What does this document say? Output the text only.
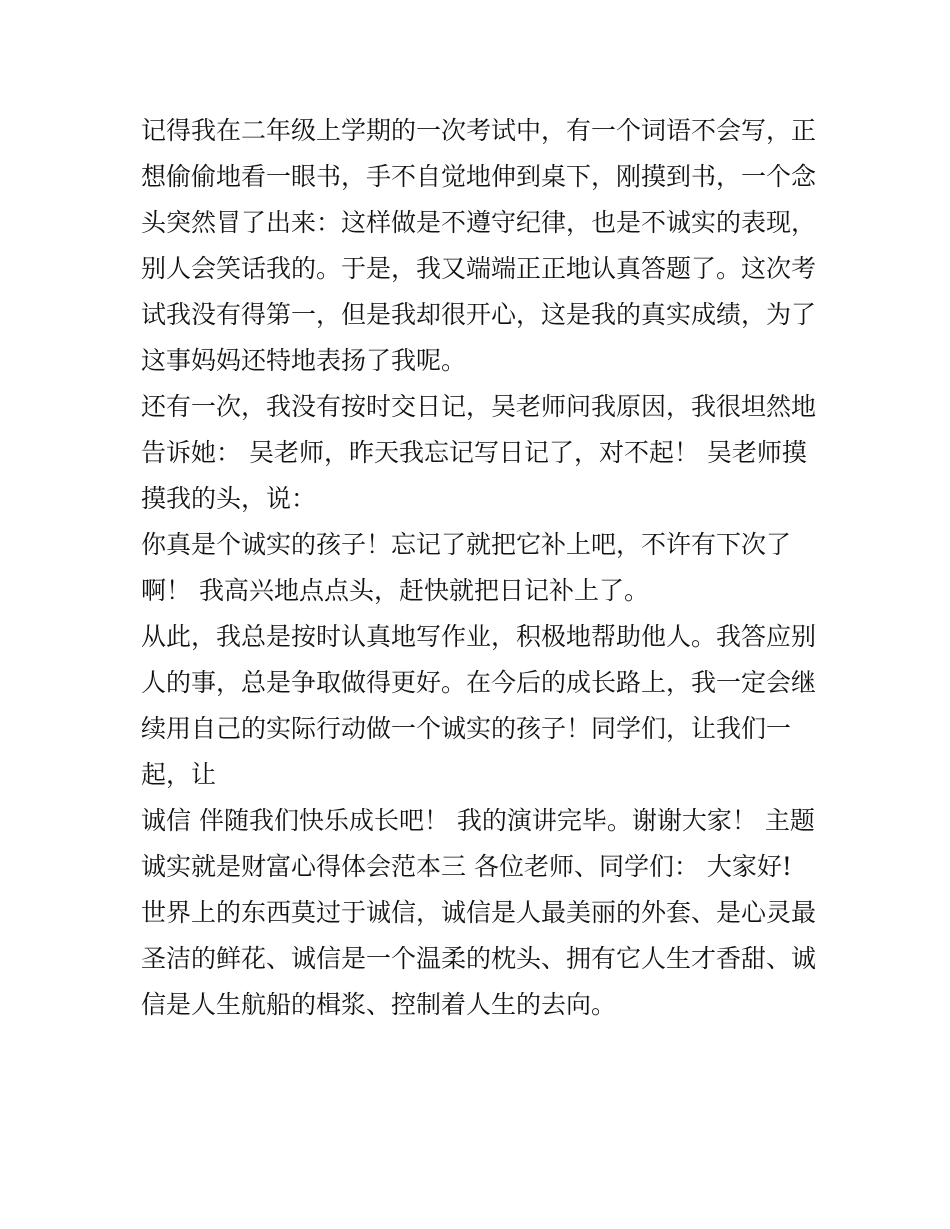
记得我在二年级上学期的一次考试中，有一个词语不会写，正
想偷偷地看一眼书，手不自觉地伸到桌下，刚摸到书，一个念
头突然冒了出来：这样做是不遵守纪律，也是不诚实的表现，
别人会笑话我的。于是，我又端端正正地认真答题了。这次考
试我没有得第一，但是我却很开心，这是我的真实成绩，为了
这事妈妈还特地表扬了我呢。
还有一次，我没有按时交日记，吴老师问我原因，我很坦然地
告诉她： 吴老师，昨天我忘记写日记了，对不起！ 吴老师摸
摸我的头，说：
你真是个诚实的孩子！忘记了就把它补上吧，不许有下次了
啊！ 我高兴地点点头，赶快就把日记补上了。
从此，我总是按时认真地写作业，积极地帮助他人。我答应别
人的事，总是争取做得更好。在今后的成长路上，我一定会继
续用自己的实际行动做一个诚实的孩子！同学们，让我们一
起，让
诚信 伴随我们快乐成长吧！ 我的演讲完毕。谢谢大家！ 主题
诚实就是财富心得体会范本三 各位老师、同学们： 大家好!
世界上的东西莫过于诚信，诚信是人最美丽的外套、是心灵最
圣洁的鲜花、诚信是一个温柔的枕头、拥有它人生才香甜、诚
信是人生航船的楫浆、控制着人生的去向。
